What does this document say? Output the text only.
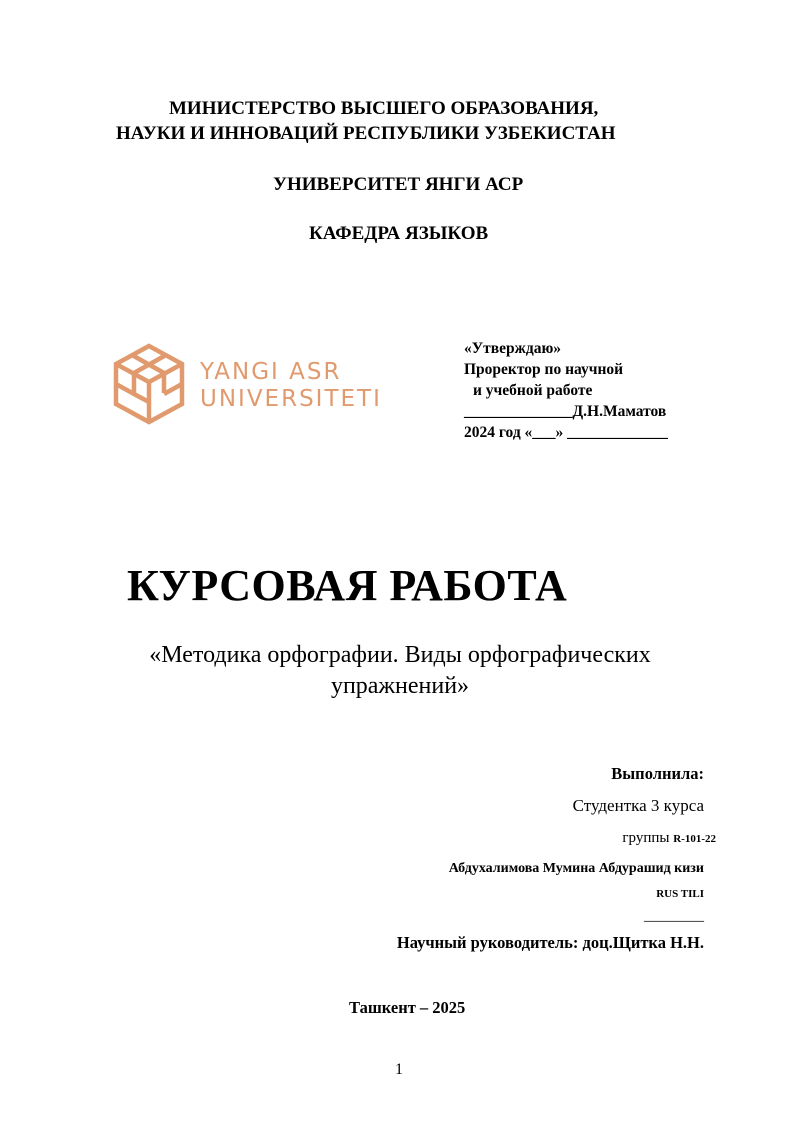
МИНИСТЕРСТВО ВЫСШЕГО ОБРАЗОВАНИЯ,
НАУКИ И ИННОВАЦИЙ РЕСПУБЛИКИ УЗБЕКИСТАН
УНИВЕРСИТЕТ ЯНГИ АСР
КАФЕДРА ЯЗЫКОВ
YANGI ASR
UNIVERSITETI
«Утверждаю»
Проректор по научной
и учебной работе
______________Д.Н.Маматов
2024 год «___» _____________
КУРСОВАЯ РАБОТА
«Методика орфографии. Виды орфографических упражнений»
Выполнила:
Студентка 3 курса
группы R-101-22
Абдухалимова Мумина Абдурашид кизи
RUS TILI
________
Научный руководитель: доц.Щитка Н.Н.
Ташкент – 2025
1
